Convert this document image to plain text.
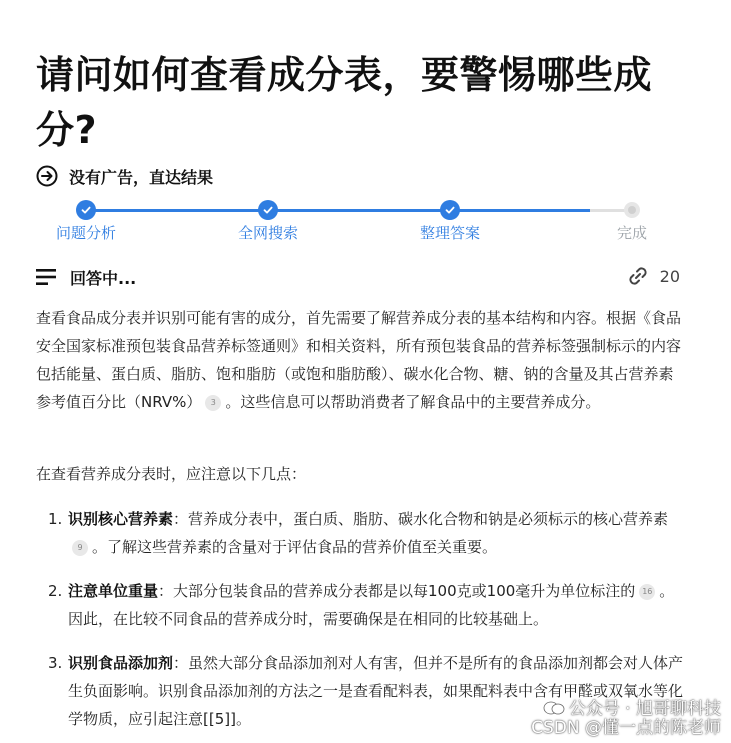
请问如何查看成分表，要警惕哪些成分?
没有广告，直达结果
问题分析	全网搜索	整理答案	完成
回答中...	20
查看食品成分表并识别可能有害的成分，首先需要了解营养成分表的基本结构和内容。根据《食品安全国家标准预包装食品营养标签通则》和相关资料，所有预包装食品的营养标签强制标示的内容包括能量、蛋白质、脂肪、饱和脂肪（或饱和脂肪酸）、碳水化合物、糖、钠的含量及其占营养素参考值百分比（NRV%） 3 。这些信息可以帮助消费者了解食品中的主要营养成分。
在查看营养成分表时，应注意以下几点：
1. 识别核心营养素：营养成分表中，蛋白质、脂肪、碳水化合物和钠是必须标示的核心营养素9 。了解这些营养素的含量对于评估食品的营养价值至关重要。
2. 注意单位重量：大部分包装食品的营养成分表都是以每100克或100毫升为单位标注的 16 。因此，在比较不同食品的营养成分时，需要确保是在相同的比较基础上。
3. 识别食品添加剂：虽然大部分食品添加剂对人有害，但并不是所有的食品添加剂都会对人体产生负面影响。识别食品添加剂的方法之一是查看配料表，如果配料表中含有甲醛或双氧水等化学物质，应引起注意[[5]]。	公众号 · 旭哥聊科技
CSDN @懂一点的陈老师
